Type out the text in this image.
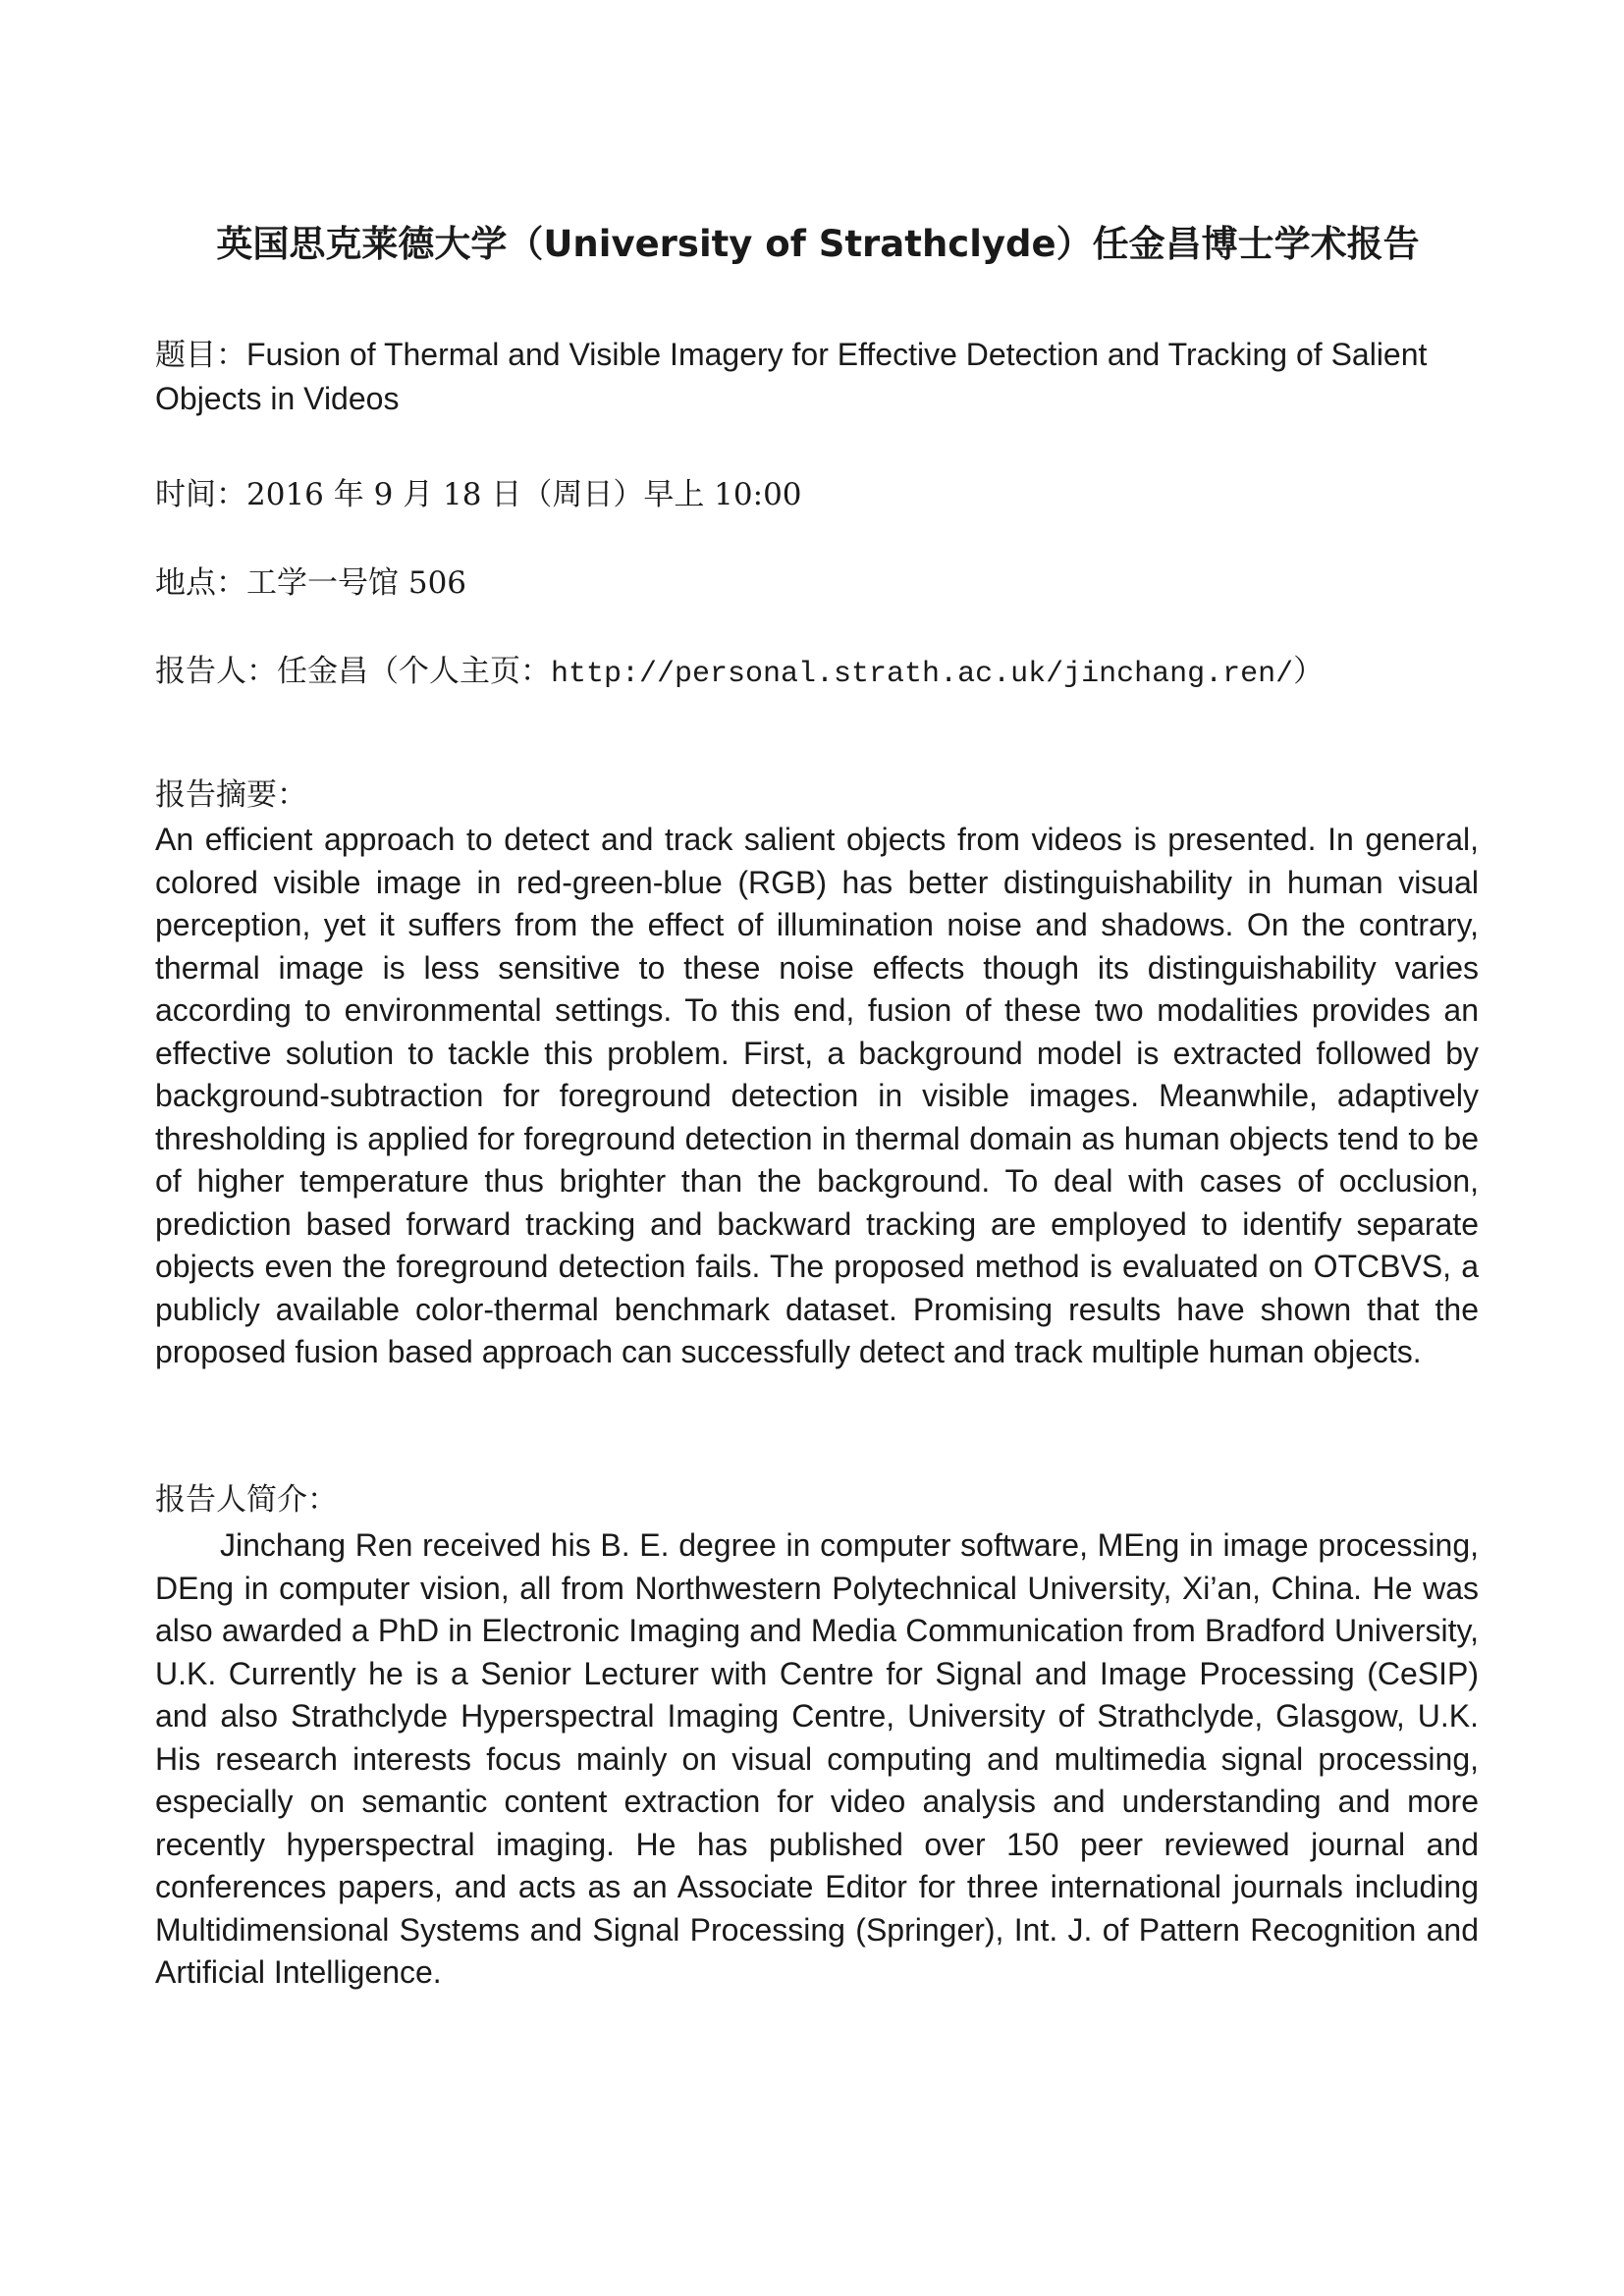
英国思克莱德大学（University of Strathclyde）任金昌博士学术报告
题目：Fusion of Thermal and Visible Imagery for Effective Detection and Tracking of Salient
Objects in Videos
时间：2016 年 9 月 18 日（周日）早上 10:00
地点：工学一号馆 506
报告人：任金昌（个人主页：http://personal.strath.ac.uk/jinchang.ren/）
报告摘要：
An efficient approach to detect and track salient objects from videos is presented. In general, colored visible image in red-green-blue (RGB) has better distinguishability in human visual perception, yet it suffers from the effect of illumination noise and shadows. On the contrary, thermal image is less sensitive to these noise effects though its distinguishability varies according to environmental settings. To this end, fusion of these two modalities provides an effective solution to tackle this problem. First, a background model is extracted followed by background-subtraction for foreground detection in visible images. Meanwhile, adaptively thresholding is applied for foreground detection in thermal domain as human objects tend to be of higher temperature thus brighter than the background. To deal with cases of occlusion, prediction based forward tracking and backward tracking are employed to identify separate objects even the foreground detection fails. The proposed method is evaluated on OTCBVS, a publicly available color-thermal benchmark dataset. Promising results have shown that the proposed fusion based approach can successfully detect and track multiple human objects.
报告人简介：
Jinchang Ren received his B. E. degree in computer software, MEng in image processing, DEng in computer vision, all from Northwestern Polytechnical University, Xi’an, China. He was also awarded a PhD in Electronic Imaging and Media Communication from Bradford University, U.K. Currently he is a Senior Lecturer with Centre for Signal and Image Processing (CeSIP) and also Strathclyde Hyperspectral Imaging Centre, University of Strathclyde, Glasgow, U.K. His research interests focus mainly on visual computing and multimedia signal processing, especially on semantic content extraction for video analysis and understanding and more recently hyperspectral imaging. He has published over 150 peer reviewed journal and conferences papers, and acts as an Associate Editor for three international journals including Multidimensional Systems and Signal Processing (Springer), Int. J. of Pattern Recognition and Artificial Intelligence.
